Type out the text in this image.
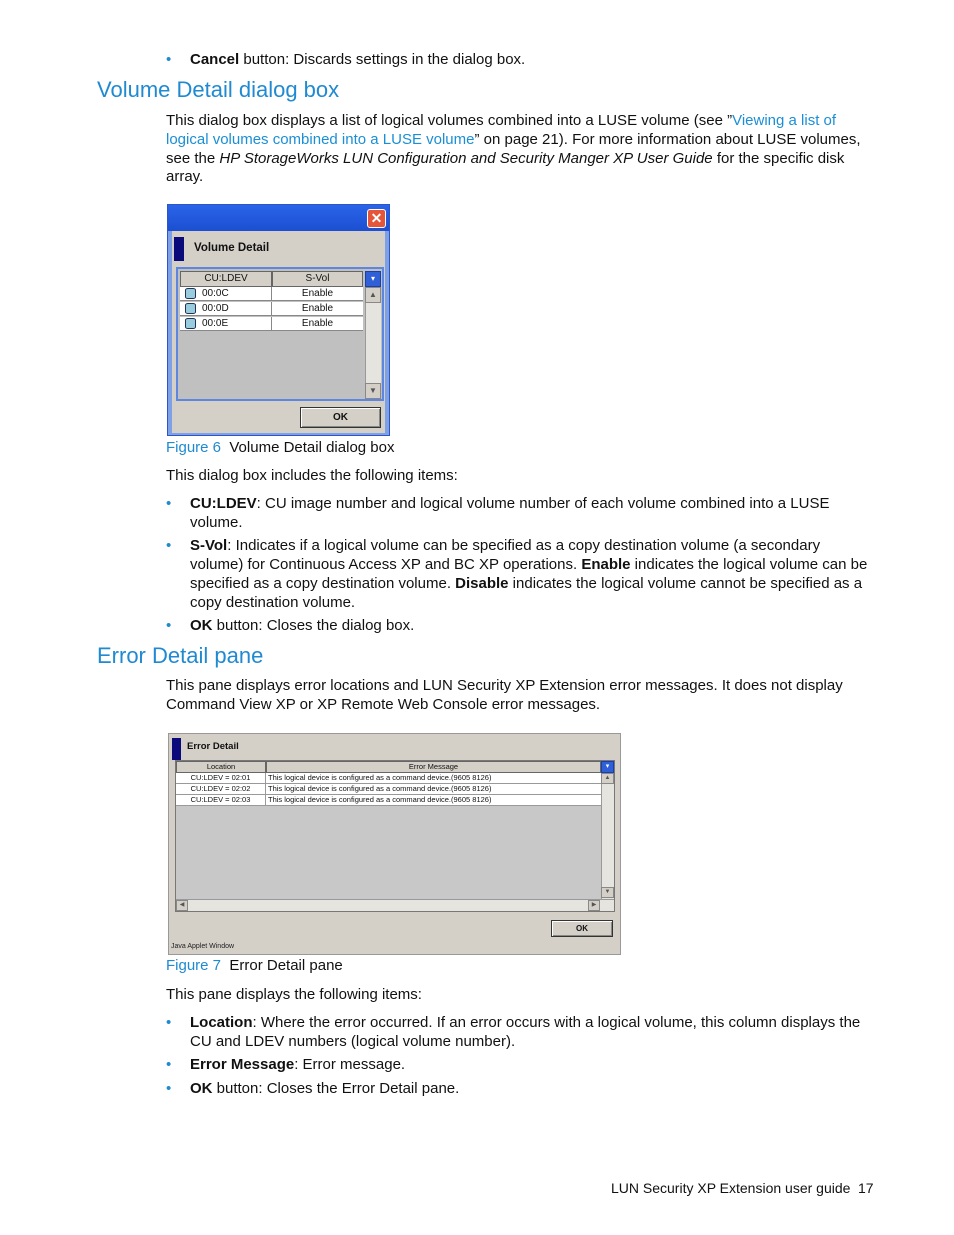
• Cancel button: Discards settings in the dialog box.
Volume Detail dialog box
This dialog box displays a list of logical volumes combined into a LUSE volume (see ”Viewing a list of
logical volumes combined into a LUSE volume” on page 21). For more information about LUSE volumes,
see the HP StorageWorks LUN Configuration and Security Manger XP User Guide for the specific disk
array.
✕
Volume Detail
CU:LDEV	S-Vol	▾
00:0C	Enable
00:0D	Enable
00:0E	Enable
▲
▼
OK
Figure 6 Volume Detail dialog box
This dialog box includes the following items:
• CU:LDEV: CU image number and logical volume number of each volume combined into a LUSE volume.
• S-Vol: Indicates if a logical volume can be specified as a copy destination volume (a secondary volume) for Continuous Access XP and BC XP operations. Enable indicates the logical volume can be specified as a copy destination volume. Disable indicates the logical volume cannot be specified as a copy destination volume.
• OK button: Closes the dialog box.
Error Detail pane
This pane displays error locations and LUN Security XP Extension error messages. It does not display Command View XP or XP Remote Web Console error messages.
Error Detail
Location	Error Message	▾
CU:LDEV = 02:01	This logical device is configured as a command device.(9605 8126)
CU:LDEV = 02:02	This logical device is configured as a command device.(9605 8126)
CU:LDEV = 02:03	This logical device is configured as a command device.(9605 8126)
▲
▼
◀	▶
OK
Java Applet Window
Figure 7 Error Detail pane
This pane displays the following items:
• Location: Where the error occurred. If an error occurs with a logical volume, this column displays the CU and LDEV numbers (logical volume number).
• Error Message: Error message.
• OK button: Closes the Error Detail pane.
LUN Security XP Extension user guide 17
